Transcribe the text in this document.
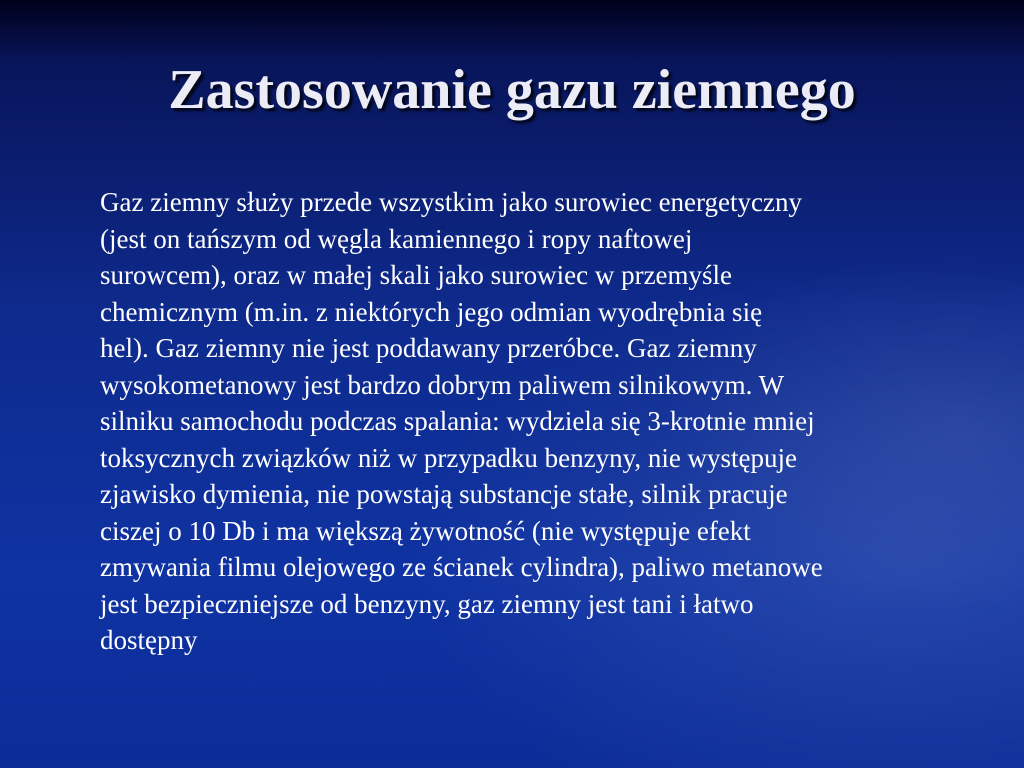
Zastosowanie gazu ziemnego
Gaz ziemny służy przede wszystkim jako surowiec energetyczny
(jest on tańszym od węgla kamiennego i ropy naftowej
surowcem), oraz w małej skali jako surowiec w przemyśle
chemicznym (m.in. z niektórych jego odmian wyodrębnia się
hel). Gaz ziemny nie jest poddawany przeróbce. Gaz ziemny
wysokometanowy jest bardzo dobrym paliwem silnikowym. W
silniku samochodu podczas spalania: wydziela się 3-krotnie mniej
toksycznych związków niż w przypadku benzyny, nie występuje
zjawisko dymienia, nie powstają substancje stałe, silnik pracuje
ciszej o 10 Db i ma większą żywotność (nie występuje efekt
zmywania filmu olejowego ze ścianek cylindra), paliwo metanowe
jest bezpieczniejsze od benzyny, gaz ziemny jest tani i łatwo
dostępny
